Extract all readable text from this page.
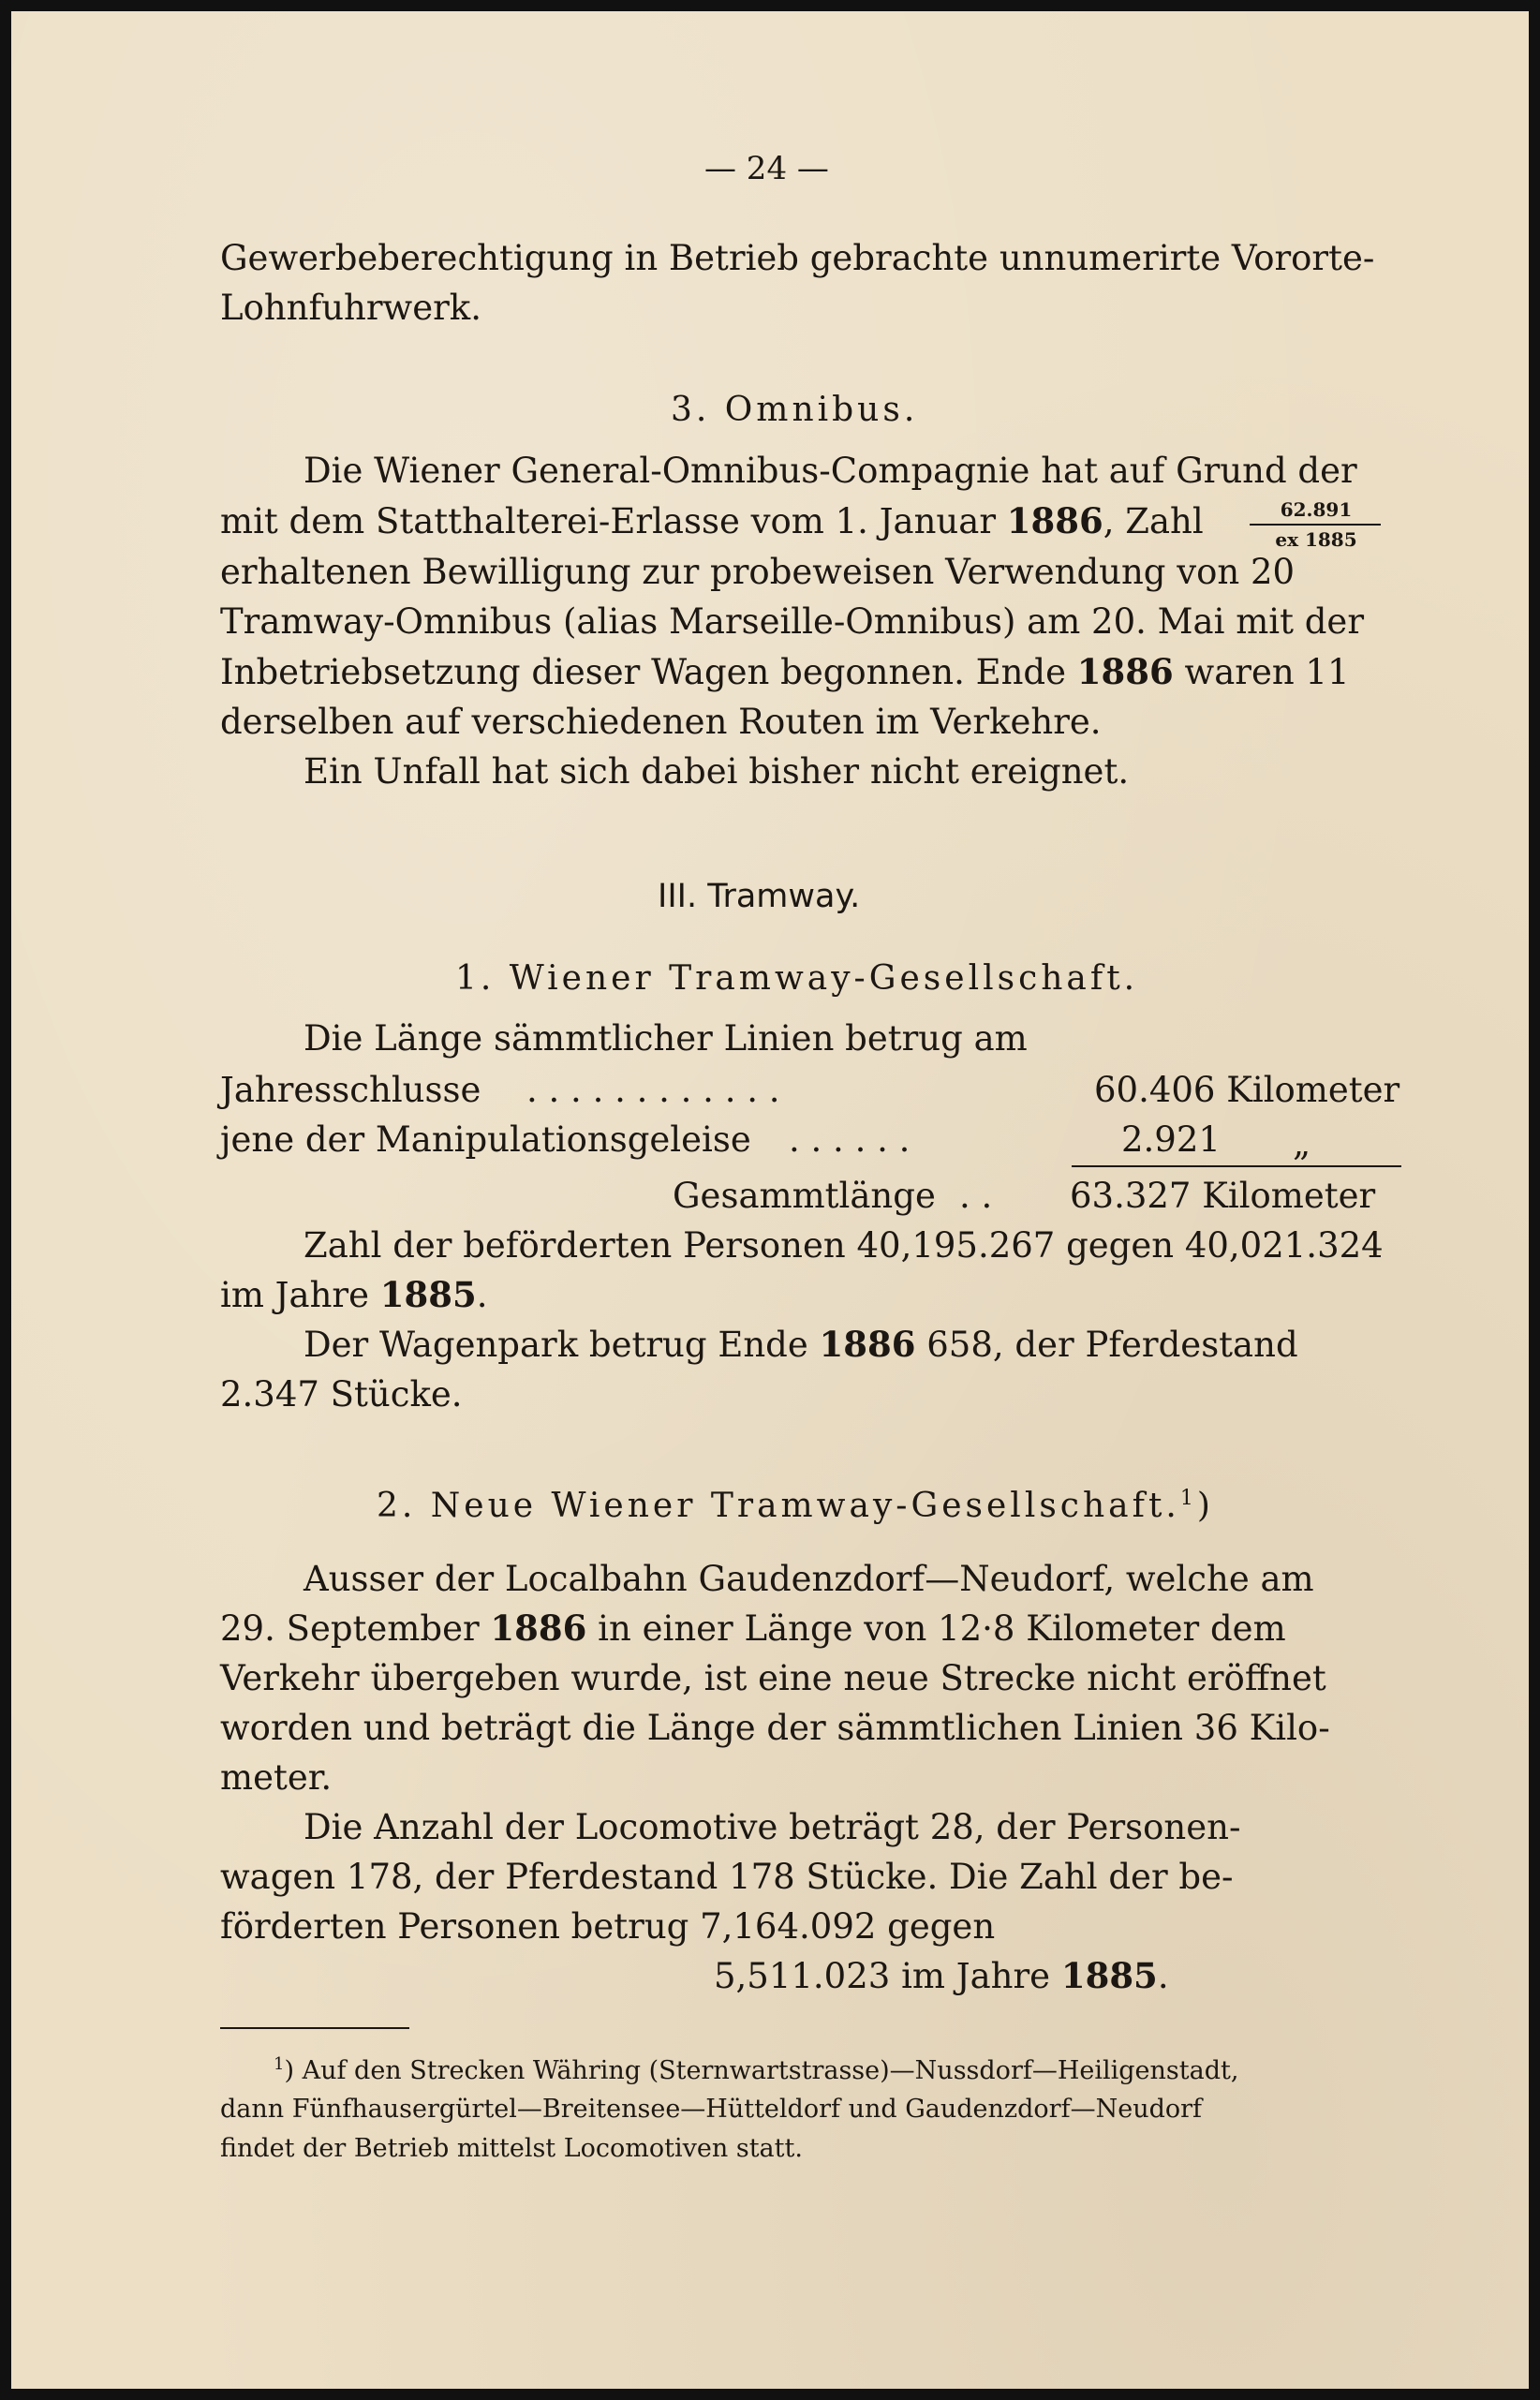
— 24 —
Gewerbeberechtigung in Betrieb gebrachte unnumerirte Vororte-
Lohnfuhrwerk.
3. Omnibus.
Die Wiener General-Omnibus-Compagnie hat auf Grund der
mit dem Statthalterei-Erlasse vom 1. Januar 1886, Zahl	62.891
ex 1885
erhaltenen Bewilligung zur probeweisen Verwendung von 20
Tramway-Omnibus (alias Marseille-Omnibus) am 20. Mai mit der
Inbetriebsetzung dieser Wagen begonnen. Ende 1886 waren 11
derselben auf verschiedenen Routen im Verkehre.
Ein Unfall hat sich dabei bisher nicht ereignet.
III. Tramway.
1. Wiener Tramway-Gesellschaft.
Die Länge sämmtlicher Linien betrug am
Jahresschlusse . . . . . . . . . . . .	60.406 Kilometer
jene der Manipulationsgeleise . . . . . .	2.921 „
Gesammtlänge . . 63.327 Kilometer
Zahl der beförderten Personen 40,195.267 gegen 40,021.324
im Jahre 1885.
Der Wagenpark betrug Ende 1886 658, der Pferdestand
2.347 Stücke.
2. Neue Wiener Tramway-Gesellschaft.$^1$)
Ausser der Localbahn Gaudenzdorf—Neudorf, welche am
29. September 1886 in einer Länge von 12·8 Kilometer dem
Verkehr übergeben wurde, ist eine neue Strecke nicht eröffnet
worden und beträgt die Länge der sämmtlichen Linien 36 Kilo-
meter.
Die Anzahl der Locomotive beträgt 28, der Personen-
wagen 178, der Pferdestand 178 Stücke. Die Zahl der be-
förderten Personen betrug 7,164.092 gegen
5,511.023 im Jahre 1885.
$^1$) Auf den Strecken Währing (Sternwartstrasse)—Nussdorf—Heiligenstadt,
dann Fünfhausergürtel—Breitensee—Hütteldorf und Gaudenzdorf—Neudorf
findet der Betrieb mittelst Locomotiven statt.
